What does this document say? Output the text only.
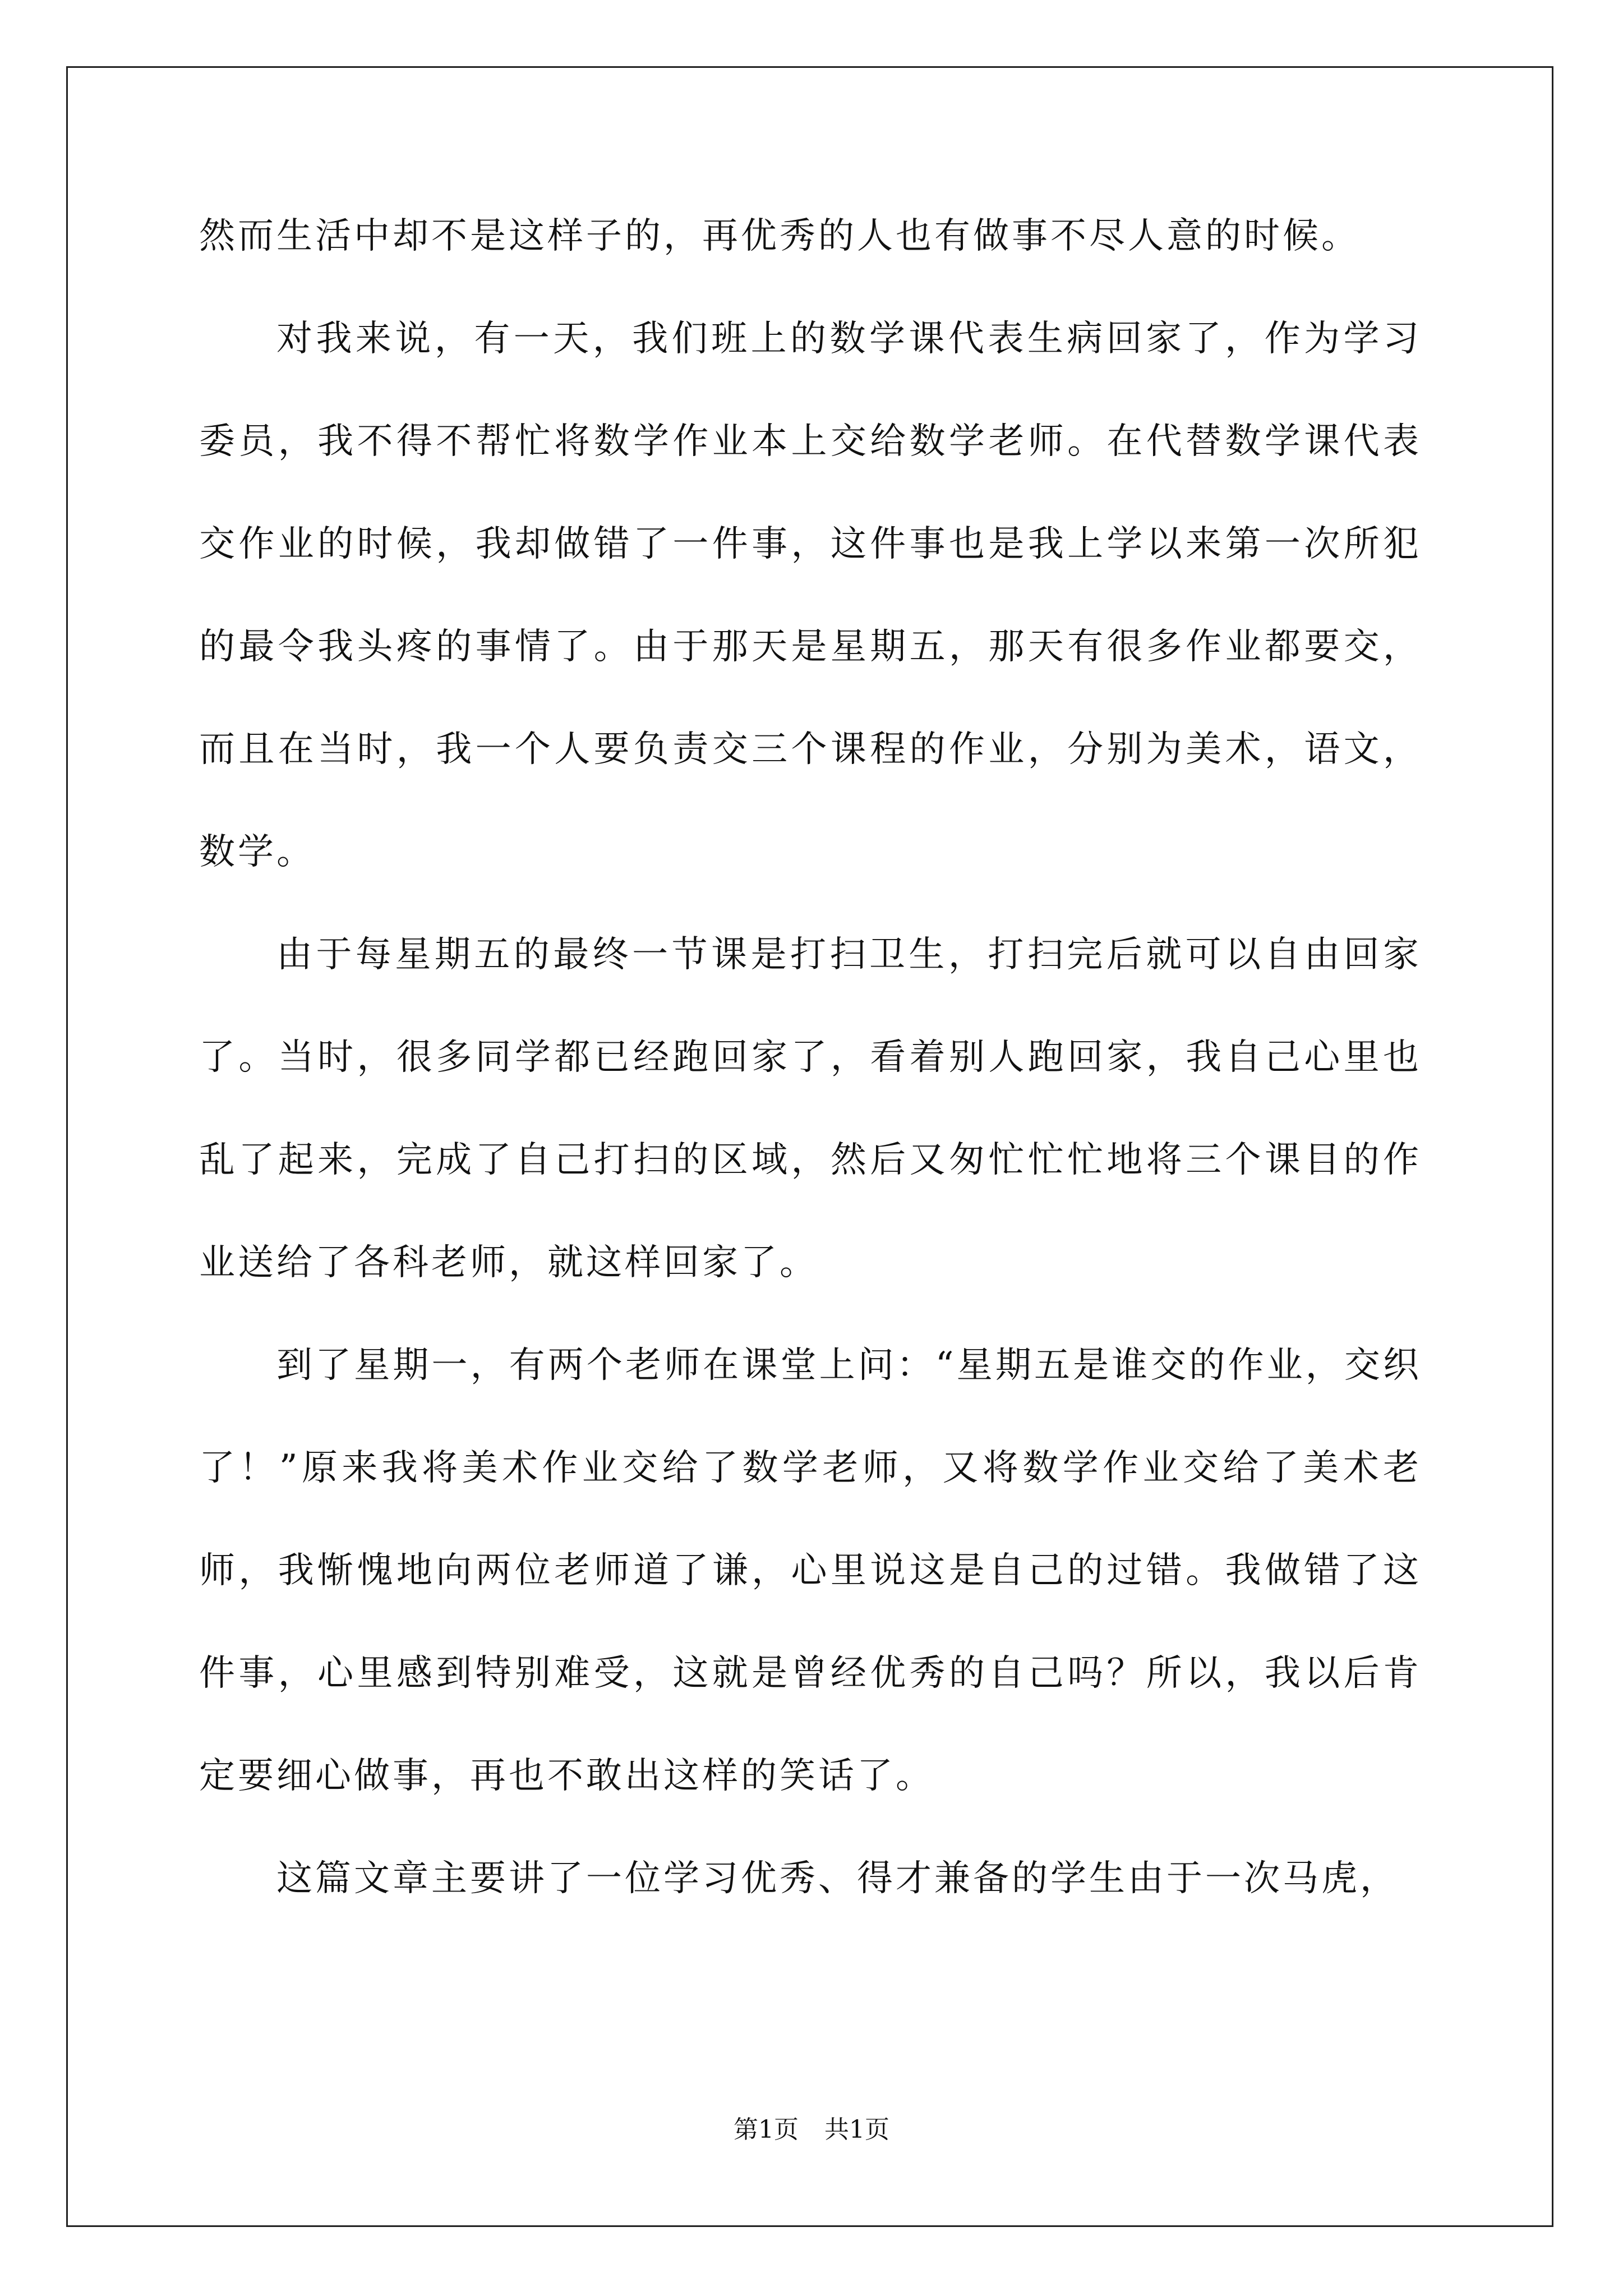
然而生活中却不是这样子的，再优秀的人也有做事不尽人意的时候。

对我来说，有一天，我们班上的数学课代表生病回家了，作为学习委员，我不得不帮忙将数学作业本上交给数学老师。在代替数学课代表交作业的时候，我却做错了一件事，这件事也是我上学以来第一次所犯的最令我头疼的事情了。由于那天是星期五，那天有很多作业都要交，而且在当时，我一个人要负责交三个课程的作业，分别为美术，语文，数学。

由于每星期五的最终一节课是打扫卫生，打扫完后就可以自由回家了。当时，很多同学都已经跑回家了，看着别人跑回家，我自己心里也乱了起来，完成了自己打扫的区域，然后又匆忙忙忙地将三个课目的作业送给了各科老师，就这样回家了。

到了星期一，有两个老师在课堂上问：“星期五是谁交的作业，交织了！”原来我将美术作业交给了数学老师，又将数学作业交给了美术老师，我惭愧地向两位老师道了谦，心里说这是自己的过错。我做错了这件事，心里感到特别难受，这就是曾经优秀的自己吗？所以，我以后肯定要细心做事，再也不敢出这样的笑话了。

这篇文章主要讲了一位学习优秀、得才兼备的学生由于一次马虎，

第1页 共1页
